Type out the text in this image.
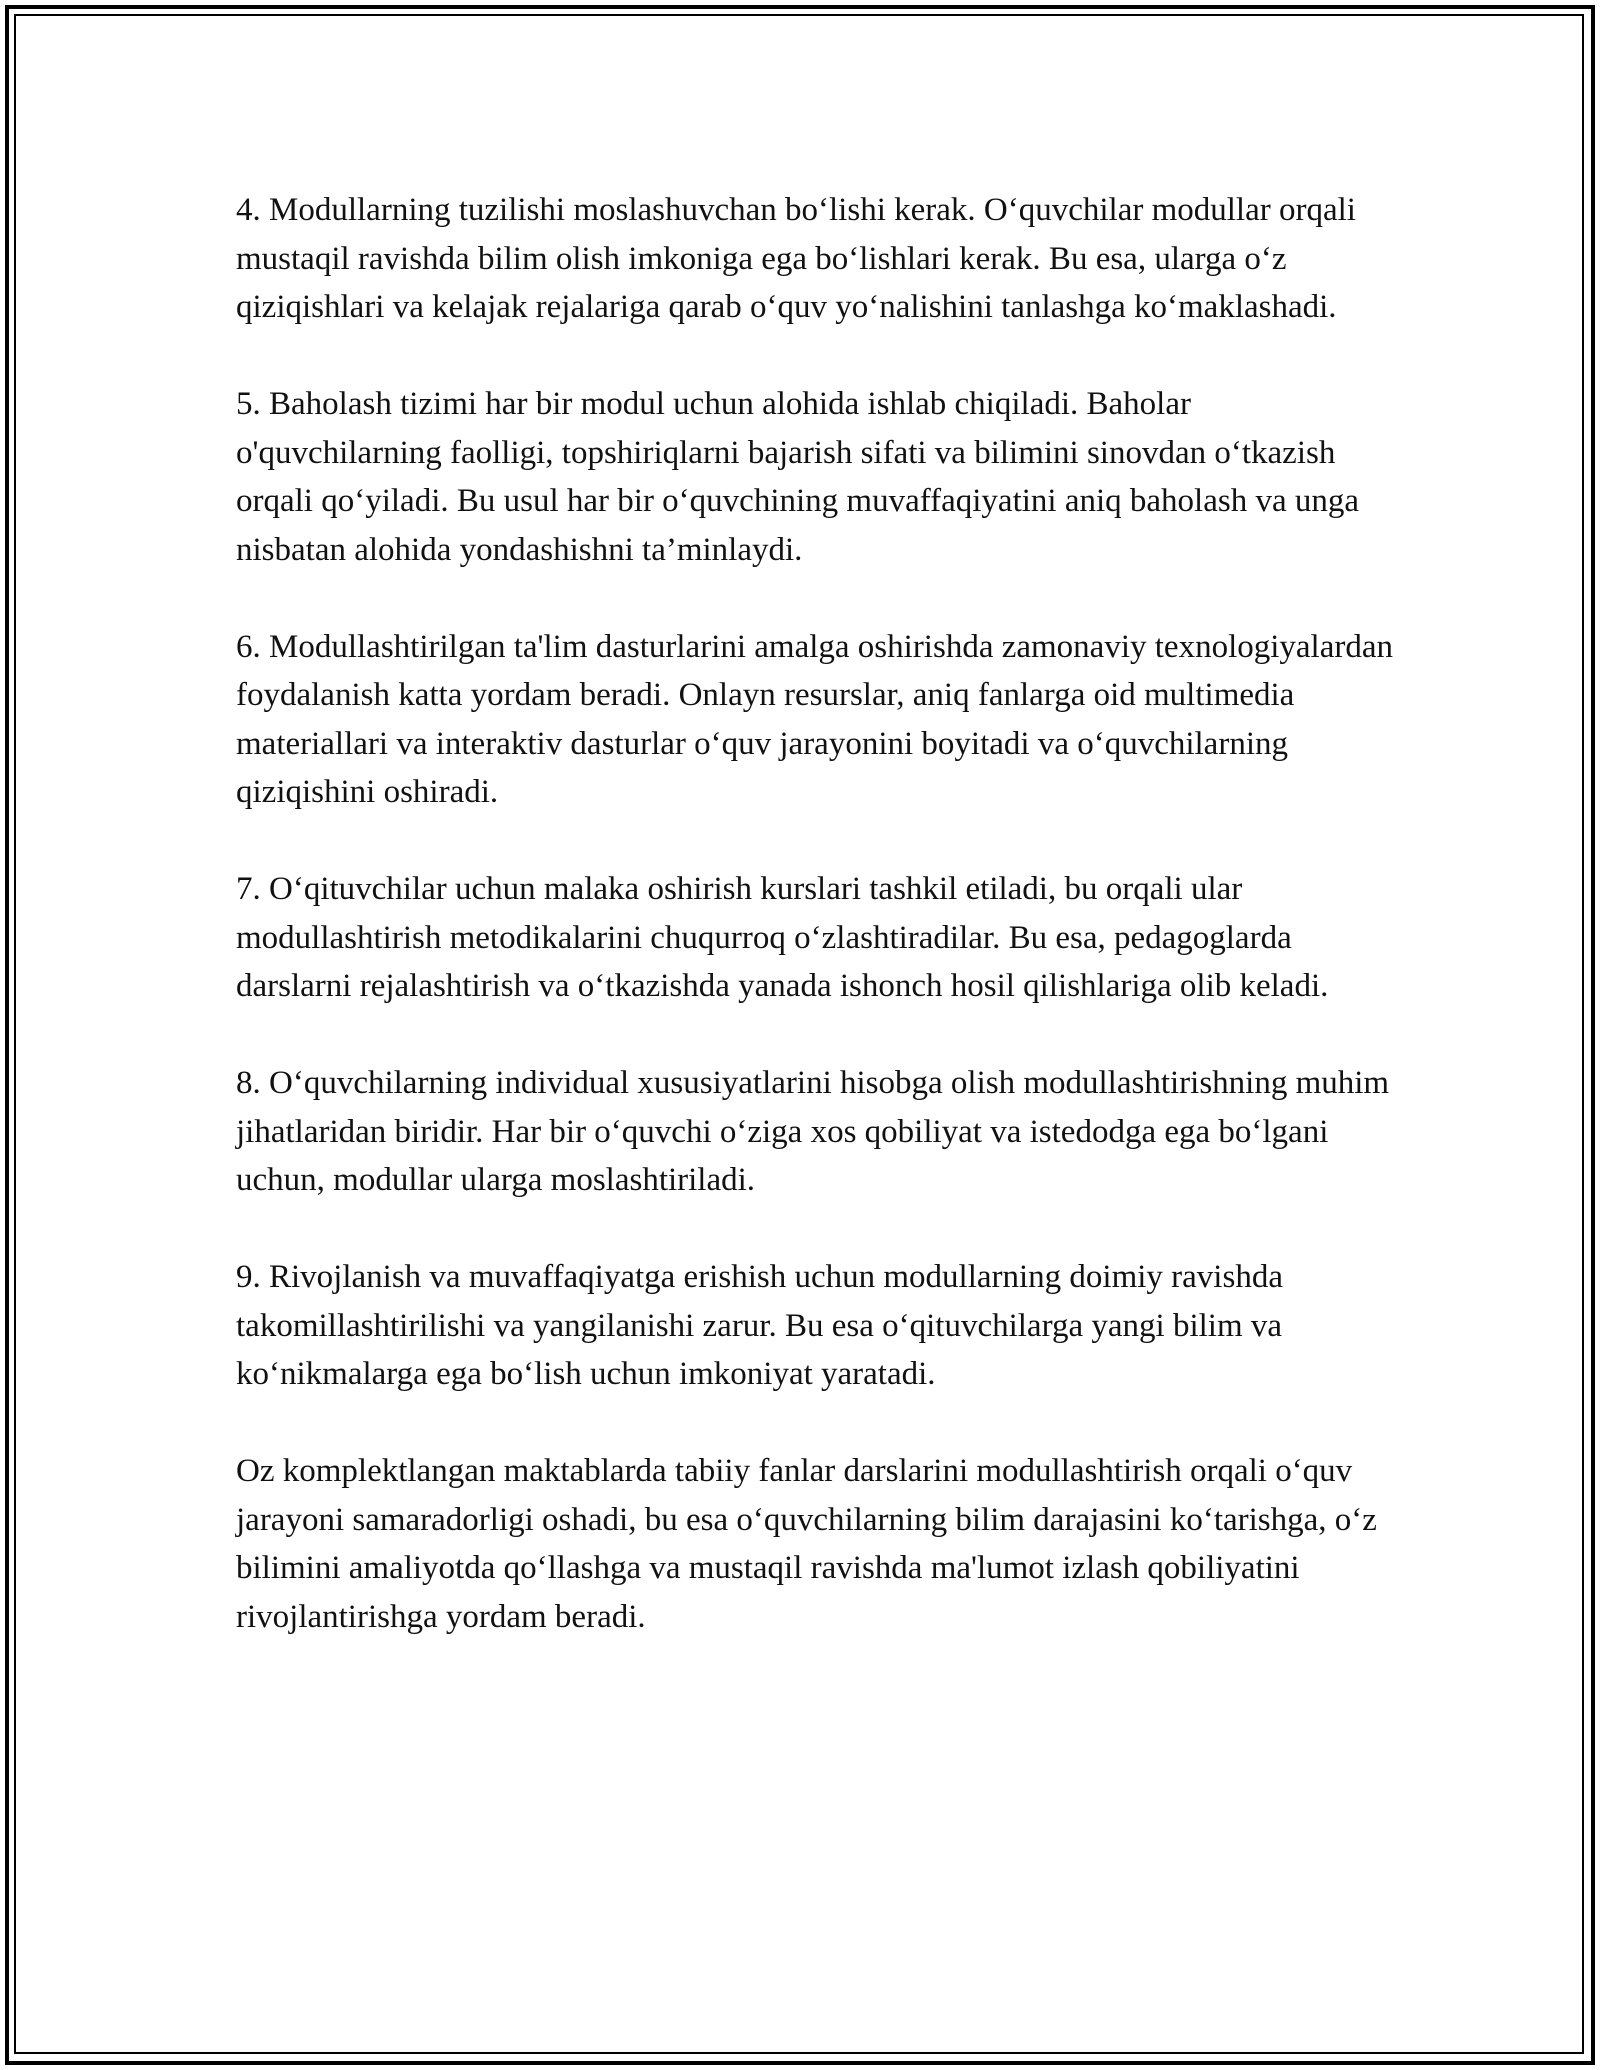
4. Modullarning tuzilishi moslashuvchan bo‘lishi kerak. O‘quvchilar modullar orqali mustaqil ravishda bilim olish imkoniga ega bo‘lishlari kerak. Bu esa, ularga o‘z qiziqishlari va kelajak rejalariga qarab o‘quv yo‘nalishini tanlashga ko‘maklashadi.

5. Baholash tizimi har bir modul uchun alohida ishlab chiqiladi. Baholar o'quvchilarning faolligi, topshiriqlarni bajarish sifati va bilimini sinovdan o‘tkazish orqali qo‘yiladi. Bu usul har bir o‘quvchining muvaffaqiyatini aniq baholash va unga nisbatan alohida yondashishni ta’minlaydi.

6. Modullashtirilgan ta'lim dasturlarini amalga oshirishda zamonaviy texnologiyalardan foydalanish katta yordam beradi. Onlayn resurslar, aniq fanlarga oid multimedia materiallari va interaktiv dasturlar o‘quv jarayonini boyitadi va o‘quvchilarning qiziqishini oshiradi.

7. O‘qituvchilar uchun malaka oshirish kurslari tashkil etiladi, bu orqali ular modullashtirish metodikalarini chuqurroq o‘zlashtiradilar. Bu esa, pedagoglarda darslarni rejalashtirish va o‘tkazishda yanada ishonch hosil qilishlariga olib keladi.

8. O‘quvchilarning individual xususiyatlarini hisobga olish modullashtirishning muhim jihatlaridan biridir. Har bir o‘quvchi o‘ziga xos qobiliyat va istedodga ega bo‘lgani uchun, modullar ularga moslashtiriladi.

9. Rivojlanish va muvaffaqiyatga erishish uchun modullarning doimiy ravishda takomillashtirilishi va yangilanishi zarur. Bu esa o‘qituvchilarga yangi bilim va ko‘nikmalarga ega bo‘lish uchun imkoniyat yaratadi.

Oz komplektlangan maktablarda tabiiy fanlar darslarini modullashtirish orqali o‘quv jarayoni samaradorligi oshadi, bu esa o‘quvchilarning bilim darajasini ko‘tarishga, o‘z bilimini amaliyotda qo‘llashga va mustaqil ravishda ma'lumot izlash qobiliyatini rivojlantirishga yordam beradi.
